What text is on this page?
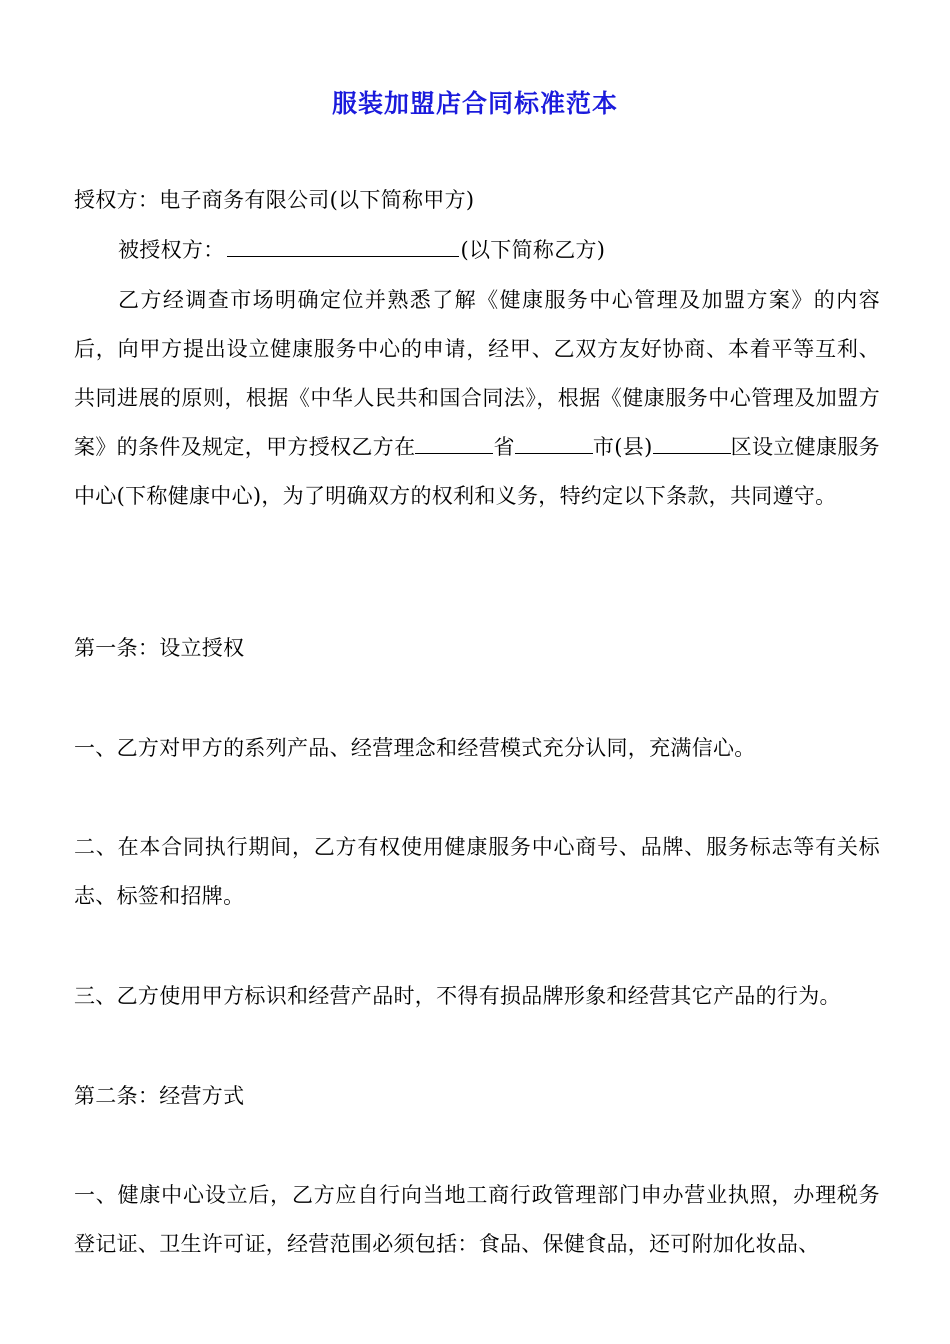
服装加盟店合同标准范本

授权方：电子商务有限公司(以下简称甲方)

被授权方：	(以下简称乙方)

乙方经调查市场明确定位并熟悉了解《健康服务中心管理及加盟方案》的内容后，向甲方提出设立健康服务中心的申请，经甲、乙双方友好协商、本着平等互利、共同进展的原则，根据《中华人民共和国合同法》，根据《健康服务中心管理及加盟方案》的条件及规定，甲方授权乙方在	省	市(县)	区设立健康服务中心(下称健康中心)，为了明确双方的权利和义务，特约定以下条款，共同遵守。

第一条：设立授权

一、乙方对甲方的系列产品、经营理念和经营模式充分认同，充满信心。

二、在本合同执行期间，乙方有权使用健康服务中心商号、品牌、服务标志等有关标志、标签和招牌。

三、乙方使用甲方标识和经营产品时，不得有损品牌形象和经营其它产品的行为。

第二条：经营方式

一、健康中心设立后，乙方应自行向当地工商行政管理部门申办营业执照，办理税务登记证、卫生许可证，经营范围必须包括：食品、保健食品，还可附加化妆品、
